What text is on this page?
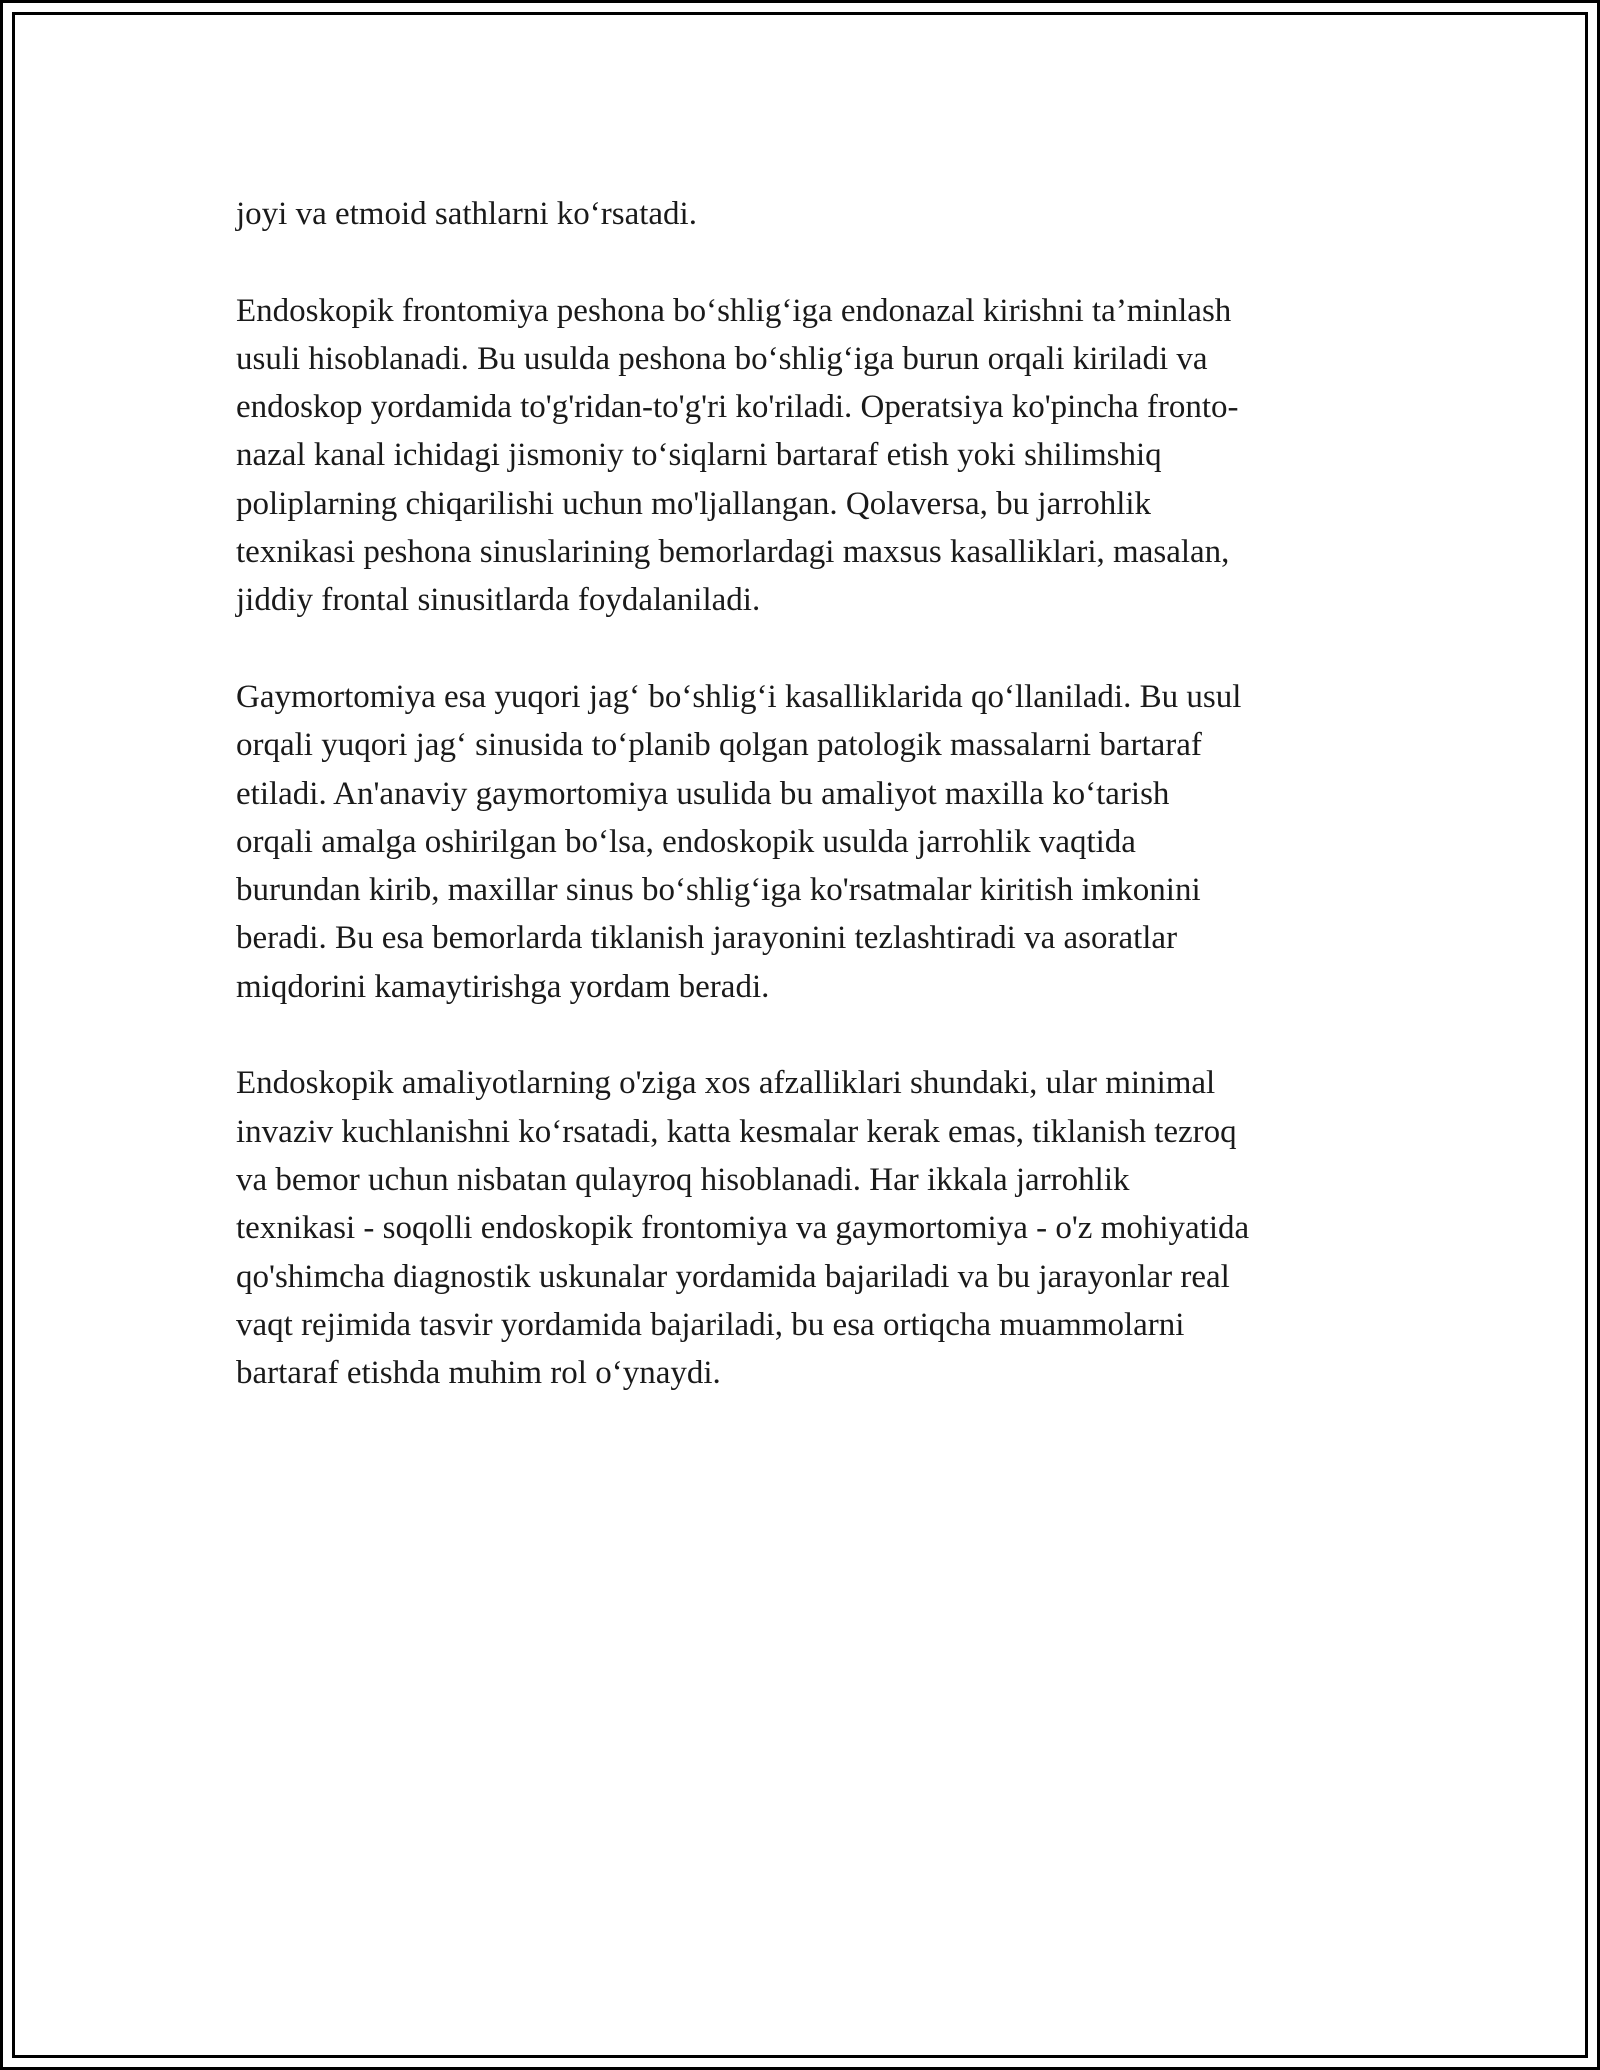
joyi va etmoid sathlarni ko‘rsatadi.

Endoskopik frontomiya peshona bo‘shlig‘iga endonazal kirishni ta’minlash
usuli hisoblanadi. Bu usulda peshona bo‘shlig‘iga burun orqali kiriladi va
endoskop yordamida to'g'ridan-to'g'ri ko'riladi. Operatsiya ko'pincha fronto-
nazal kanal ichidagi jismoniy to‘siqlarni bartaraf etish yoki shilimshiq
poliplarning chiqarilishi uchun mo'ljallangan. Qolaversa, bu jarrohlik
texnikasi peshona sinuslarining bemorlardagi maxsus kasalliklari, masalan,
jiddiy frontal sinusitlarda foydalaniladi.

Gaymortomiya esa yuqori jag‘ bo‘shlig‘i kasalliklarida qo‘llaniladi. Bu usul
orqali yuqori jag‘ sinusida to‘planib qolgan patologik massalarni bartaraf
etiladi. An'anaviy gaymortomiya usulida bu amaliyot maxilla ko‘tarish
orqali amalga oshirilgan bo‘lsa, endoskopik usulda jarrohlik vaqtida
burundan kirib, maxillar sinus bo‘shlig‘iga ko'rsatmalar kiritish imkonini
beradi. Bu esa bemorlarda tiklanish jarayonini tezlashtiradi va asoratlar
miqdorini kamaytirishga yordam beradi.

Endoskopik amaliyotlarning o'ziga xos afzalliklari shundaki, ular minimal
invaziv kuchlanishni ko‘rsatadi, katta kesmalar kerak emas, tiklanish tezroq
va bemor uchun nisbatan qulayroq hisoblanadi. Har ikkala jarrohlik
texnikasi - soqolli endoskopik frontomiya va gaymortomiya - o'z mohiyatida
qo'shimcha diagnostik uskunalar yordamida bajariladi va bu jarayonlar real
vaqt rejimida tasvir yordamida bajariladi, bu esa ortiqcha muammolarni
bartaraf etishda muhim rol o‘ynaydi.
